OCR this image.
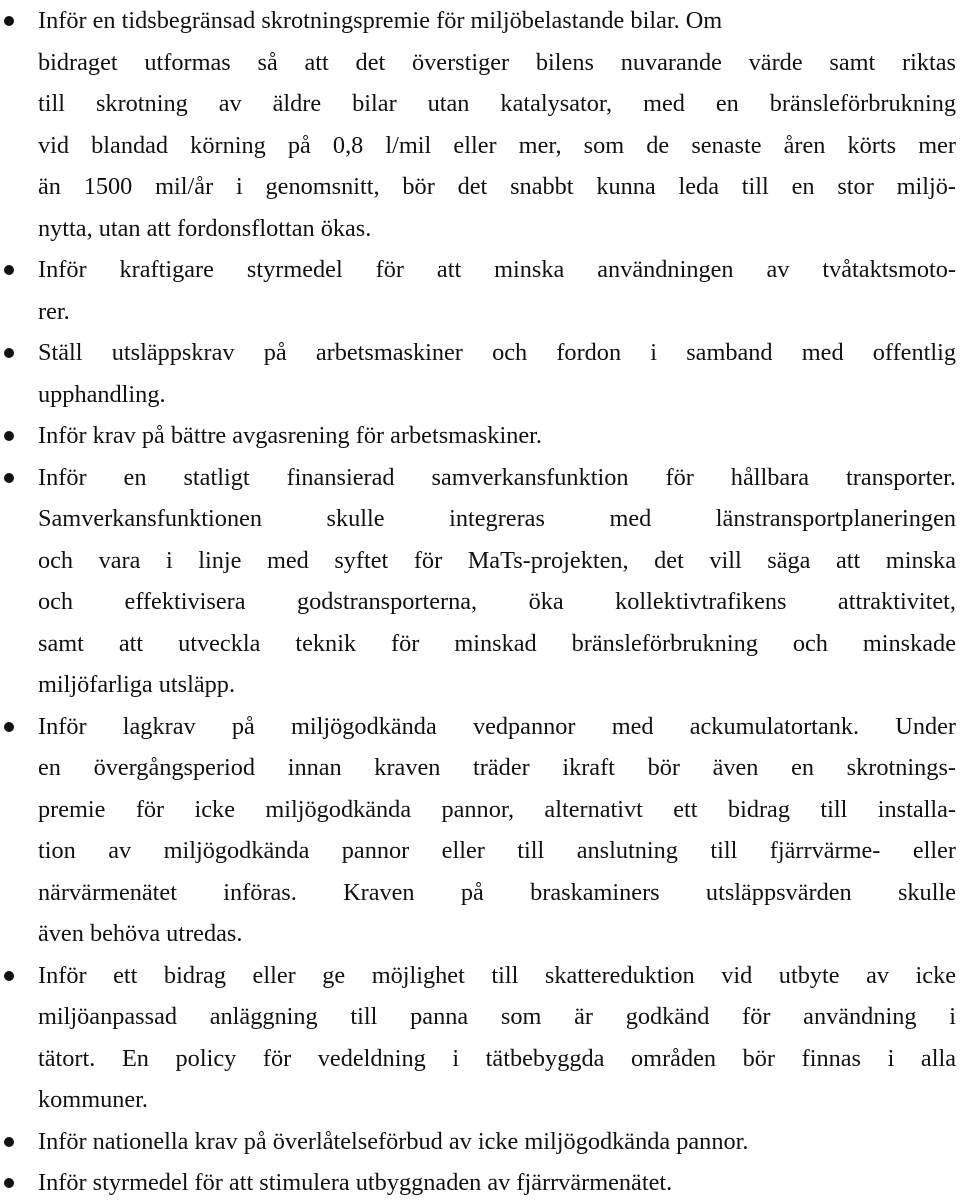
Inför en tidsbegränsad skrotningspremie för miljöbelastande bilar. Om
bidraget utformas så att det överstiger bilens nuvarande värde samt riktas
till skrotning av äldre bilar utan katalysator, med en bränsleförbrukning
vid blandad körning på 0,8 l/mil eller mer, som de senaste åren körts mer
än 1500 mil/år i genomsnitt, bör det snabbt kunna leda till en stor miljö-
nytta, utan att fordonsflottan ökas.
Inför kraftigare styrmedel för att minska användningen av tvåtaktsmoto-
rer.
Ställ utsläppskrav på arbetsmaskiner och fordon i samband med offentlig
upphandling.
Inför krav på bättre avgasrening för arbetsmaskiner.
Inför en statligt finansierad samverkansfunktion för hållbara transporter.
Samverkansfunktionen skulle integreras med länstransportplaneringen
och vara i linje med syftet för MaTs-projekten, det vill säga att minska
och effektivisera godstransporterna, öka kollektivtrafikens attraktivitet,
samt att utveckla teknik för minskad bränsleförbrukning och minskade
miljöfarliga utsläpp.
Inför lagkrav på miljögodkända vedpannor med ackumulatortank. Under
en övergångsperiod innan kraven träder ikraft bör även en skrotnings-
premie för icke miljögodkända pannor, alternativt ett bidrag till installa-
tion av miljögodkända pannor eller till anslutning till fjärrvärme- eller
närvärmenätet införas. Kraven på braskaminers utsläppsvärden skulle
även behöva utredas.
Inför ett bidrag eller ge möjlighet till skattereduktion vid utbyte av icke
miljöanpassad anläggning till panna som är godkänd för användning i
tätort. En policy för vedeldning i tätbebyggda områden bör finnas i alla
kommuner.
Inför nationella krav på överlåtelseförbud av icke miljögodkända pannor.
Inför styrmedel för att stimulera utbyggnaden av fjärrvärmenätet.
